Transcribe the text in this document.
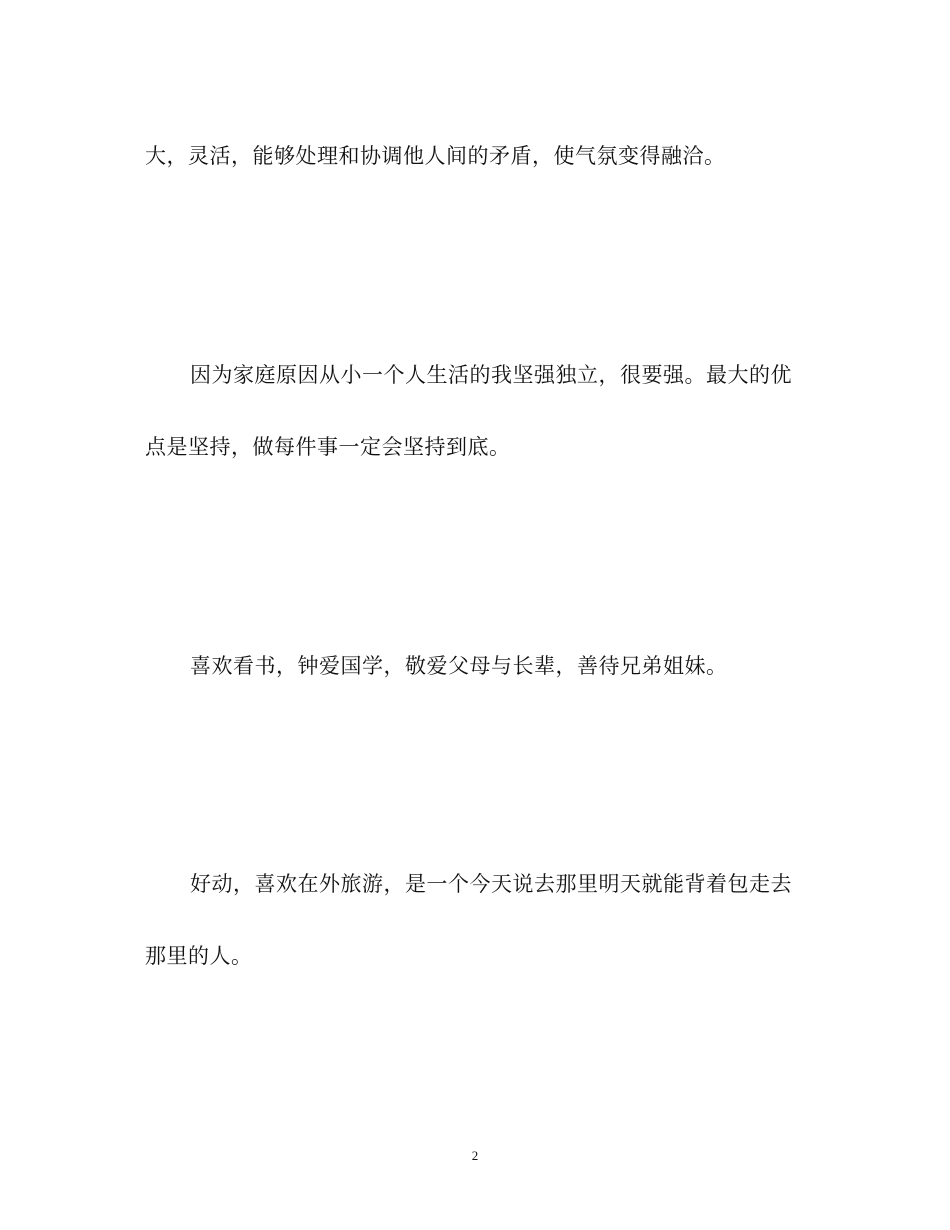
大，灵活，能够处理和协调他人间的矛盾，使气氛变得融洽。
因为家庭原因从小一个人生活的我坚强独立，很要强。最大的优
点是坚持，做每件事一定会坚持到底。
喜欢看书，钟爱国学，敬爱父母与长辈，善待兄弟姐妹。
好动，喜欢在外旅游，是一个今天说去那里明天就能背着包走去
那里的人。
2
